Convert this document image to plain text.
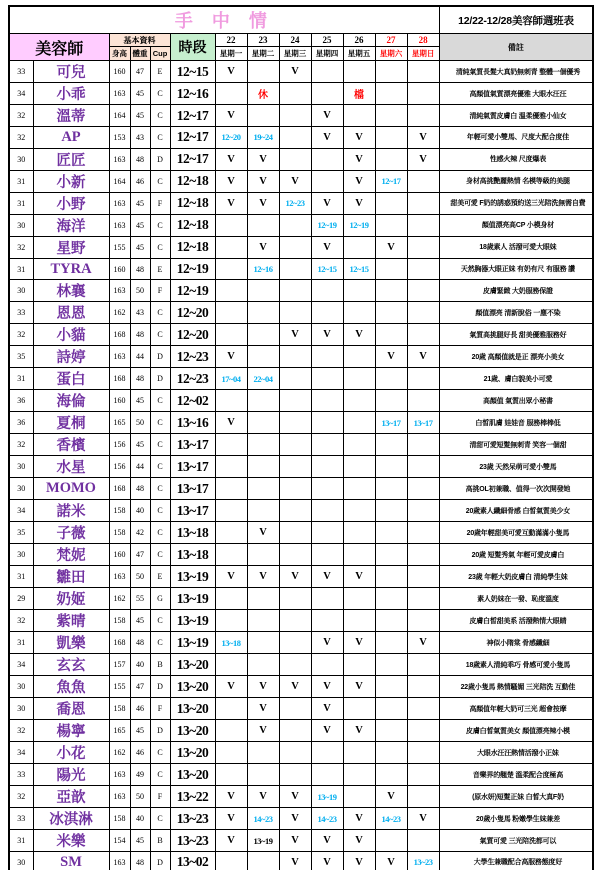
手 中 情													12/22-12/28美容師週班表
美容師		基本資料			時段	22	23	24	25	26	27	28	備註
		身高	體重	Cup		星期一	星期二	星期三	星期四	星期五	星期六	星期日	
33	可兒	160	47	E	12~15	V		V					清純氣質長髮大真奶無刺青 整體一個優秀
34	小乖	163	45	C	12~16		休			檔			高顏值氣質漂亮優雅 大眼水汪汪
32	溫蒂	164	45	C	12~17	V			V				清純氣質皮膚白 溫柔優雅小仙女
32	AP	153	43	C	12~17	12~20	19~24		V	V		V	年輕可愛小雙馬、尺度大配合度佳
30	匠匠	163	48	D	12~17	V	V			V		V	性感火辣 尺度爆表
31	小新	164	46	C	12~18	V	V	V		V	12~17		身材高挑艷麗熱情 名模等級的美腿
31	小野	163	45	F	12~18	V	V	12~23	V	V			甜美可愛 F奶的誘惑預約送三光陪洗無需自費
30	海洋	163	45	C	12~18				12~19	12~19			顏值漂亮高CP 小模身材
32	星野	155	45	C	12~18		V		V		V		18歲素人 活潑可愛大眼妹
31	TYRA	160	48	E	12~19		12~16		12~15	12~15			天然胸器大眼正妹 有奶有尺 有服務 讚
30	林襄	163	50	F	12~19								皮膚緊緻 大奶服務保證
33	恩恩	162	43	C	12~20								顏值漂亮 清新脫俗 一塵不染
32	小貓	168	48	C	12~20			V	V	V			氣質高挑腿好長 甜美優雅服務好
35	詩婷	163	44	D	12~23	V					V	V	20歲 高顏值就是正 漂亮小美女
31	蛋白	168	48	D	12~23	17~04	22~04						21歲、膚白貌美小可愛
36	海倫	160	45	C	12~02								高顏值 氣質出眾小秘書
36	夏桐	165	50	C	13~16	V					13~17	13~17	白皙肌膚 娃娃音 服務棒棒低
32	香檳	156	45	C	13~17								清甜可愛短髮無刺青 笑容一個甜
30	水星	156	44	C	13~17								23歲 天然呆萌可愛小雙馬
30	MOMO	168	48	C	13~17								高挑OL初兼職、值得一次次開發她
34	諾米	158	40	C	13~17								20歲素人纖細骨感 白皙氣質美少女
35	子薇	158	42	C	13~18		V						20歲年輕甜美可愛互動滿滿小隻馬
30	梵妮	160	47	C	13~18								20歲 短髮秀氣 年輕可愛皮膚白
31	雛田	163	50	E	13~19	V	V	V	V	V			23歲 年輕大奶皮膚白 清純學生妹
29	奶姬	162	55	G	13~19								素人奶妹在一發、恥度溫度
32	紫晴	158	45	C	13~19								皮膚白皙甜美系 活潑熱情大眼睛
31	凱樂	168	48	C	13~19	13~18			V	V		V	神似小隋棠 骨感纖細
34	玄玄	157	40	B	13~20								18歲素人清純乖巧 骨感可愛小隻馬
30	魚魚	155	47	D	13~20	V	V	V	V	V			22歲小隻馬 熱情騷媚 三光陪洗 互動佳
30	喬恩	158	46	F	13~20		V		V				高顏值年輕大奶可三光 超會按摩
32	楊寧	165	45	D	13~20		V		V	V			皮膚白皙氣質美女 顏值漂亮辣小模
34	小花	162	46	C	13~20								大眼水汪汪熱情活潑小正妹
33	陽光	163	49	C	13~20								音樂界的翹楚 溫柔配合度極高
32	亞歆	163	50	F	13~22	V	V	V	13~19		V		(原水妍)短髮正妹 白皙大真F奶
33	冰淇淋	158	40	C	13~23	V	14~23	V	14~23	V	14~23	V	20歲小隻馬 粉嫩學生妹兼差
31	米樂	154	45	B	13~23	V	13~19	V	V	V			氣質可愛 三光陪洗都可以
30	SM	163	48	D	13~02			V	V	V	V	13~23	大學生兼職配合高服務態度好
